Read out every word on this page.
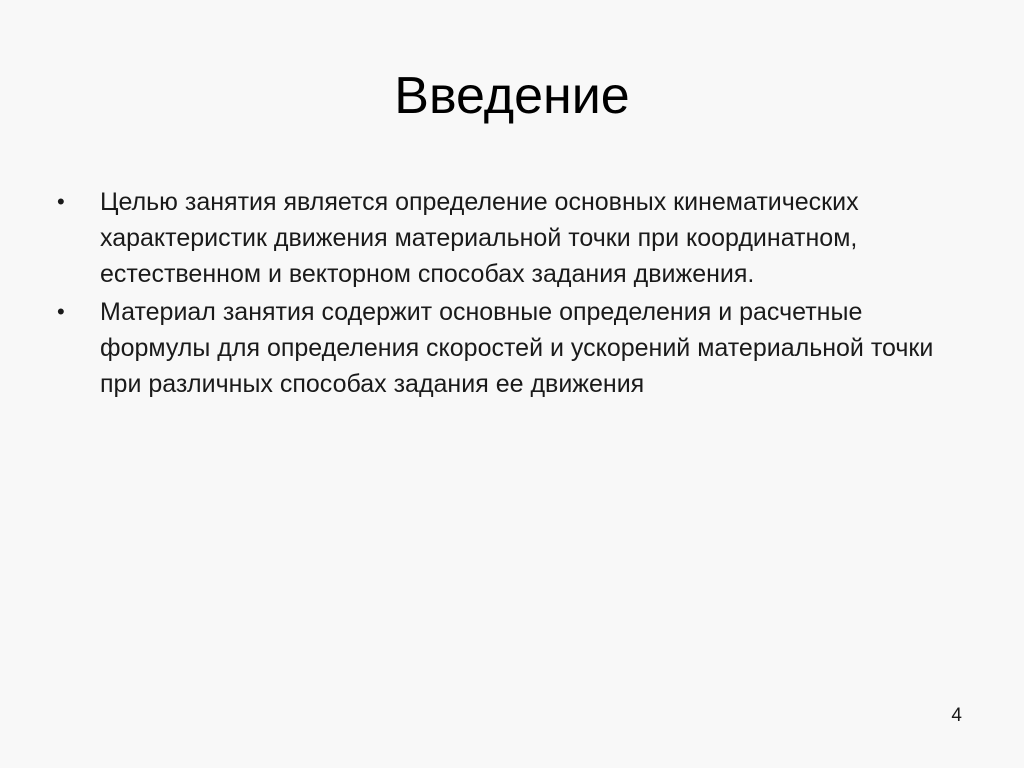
Введение
•	Целью занятия является определение основных кинематических характеристик движения материальной точки при координатном, естественном и векторном способах задания движения.
•	Материал занятия содержит основные определения и расчетные формулы для определения скоростей и ускорений материальной точки при различных способах задания ее движения
4
